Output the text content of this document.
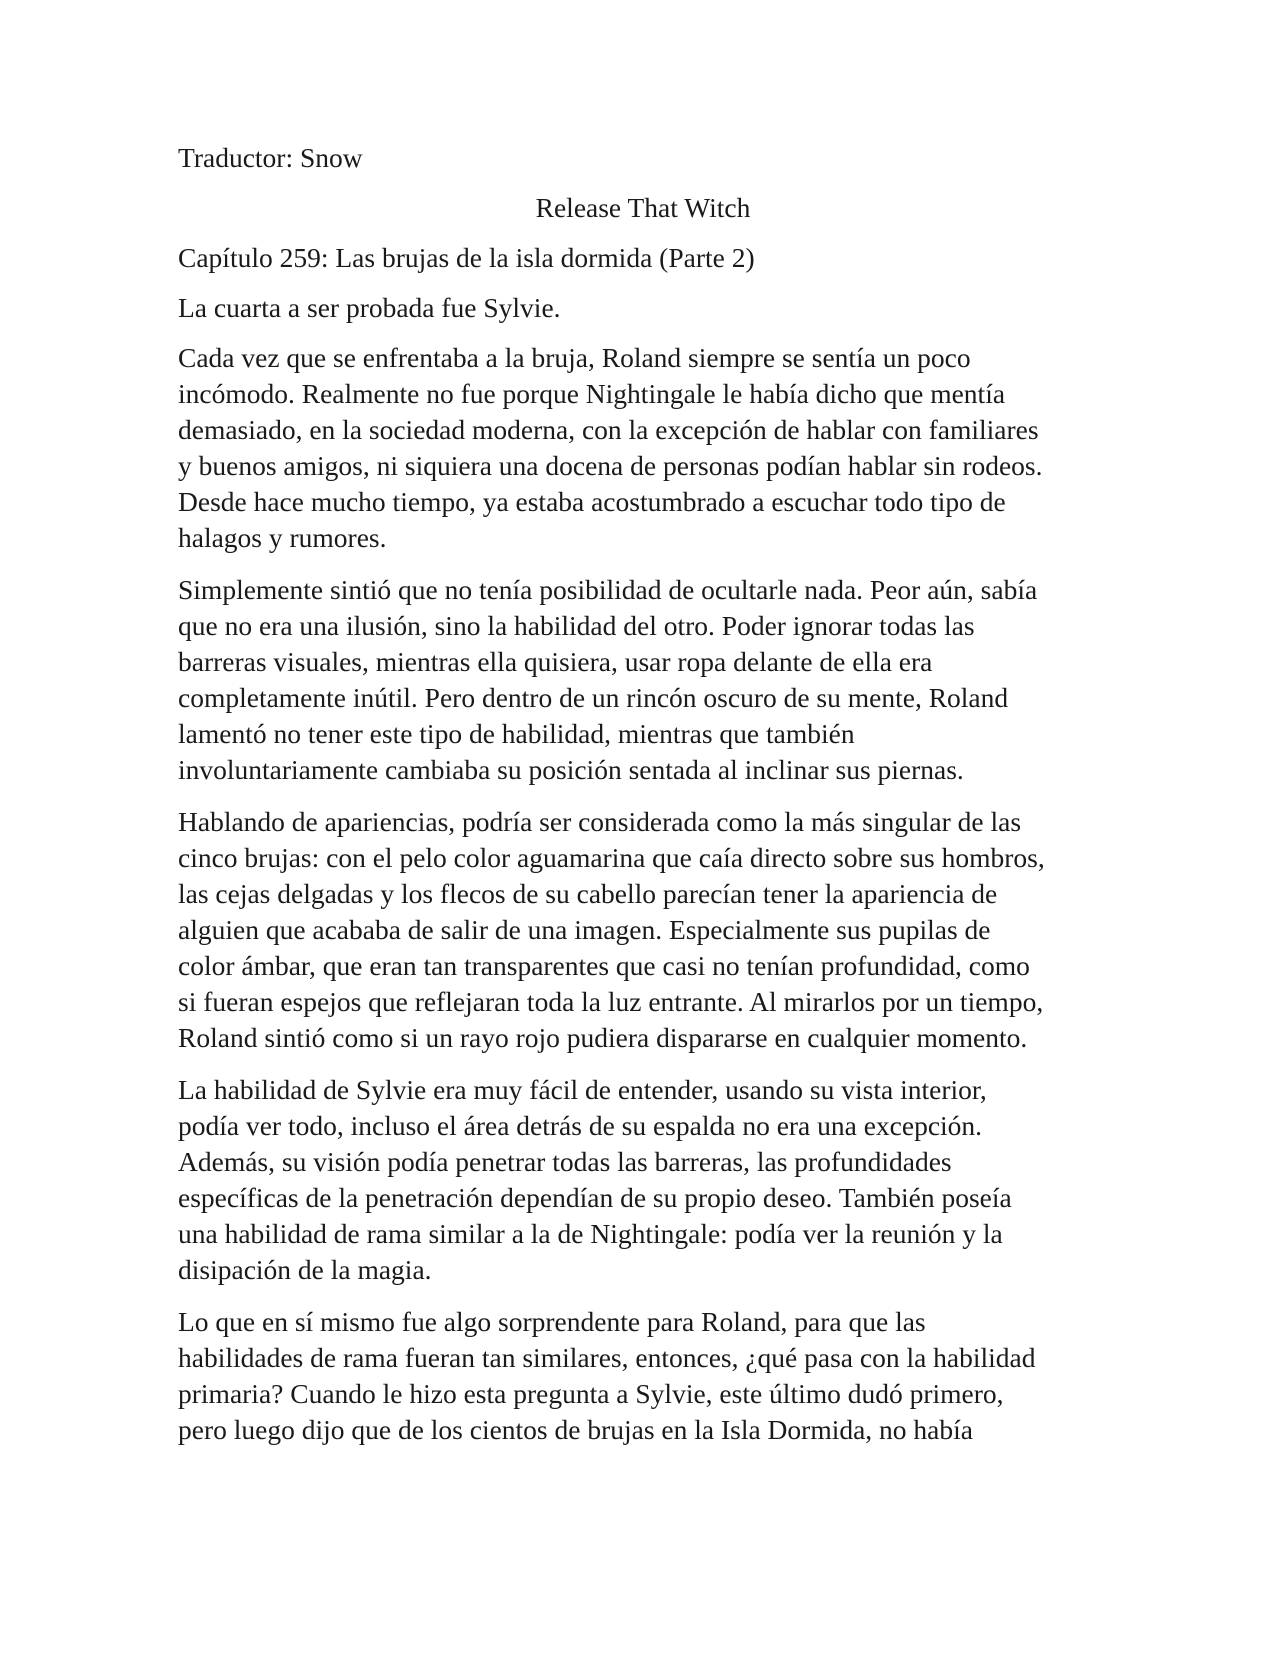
Traductor: Snow
Release That Witch
Capítulo 259: Las brujas de la isla dormida (Parte 2)
La cuarta a ser probada fue Sylvie.

Cada vez que se enfrentaba a la bruja, Roland siempre se sentía un poco
incómodo. Realmente no fue porque Nightingale le había dicho que mentía
demasiado, en la sociedad moderna, con la excepción de hablar con familiares
y buenos amigos, ni siquiera una docena de personas podían hablar sin rodeos.
Desde hace mucho tiempo, ya estaba acostumbrado a escuchar todo tipo de
halagos y rumores.

Simplemente sintió que no tenía posibilidad de ocultarle nada. Peor aún, sabía
que no era una ilusión, sino la habilidad del otro. Poder ignorar todas las
barreras visuales, mientras ella quisiera, usar ropa delante de ella era
completamente inútil. Pero dentro de un rincón oscuro de su mente, Roland
lamentó no tener este tipo de habilidad, mientras que también
involuntariamente cambiaba su posición sentada al inclinar sus piernas.

Hablando de apariencias, podría ser considerada como la más singular de las
cinco brujas: con el pelo color aguamarina que caía directo sobre sus hombros,
las cejas delgadas y los flecos de su cabello parecían tener la apariencia de
alguien que acababa de salir de una imagen. Especialmente sus pupilas de
color ámbar, que eran tan transparentes que casi no tenían profundidad, como
si fueran espejos que reflejaran toda la luz entrante. Al mirarlos por un tiempo,
Roland sintió como si un rayo rojo pudiera dispararse en cualquier momento.

La habilidad de Sylvie era muy fácil de entender, usando su vista interior,
podía ver todo, incluso el área detrás de su espalda no era una excepción.
Además, su visión podía penetrar todas las barreras, las profundidades
específicas de la penetración dependían de su propio deseo. También poseía
una habilidad de rama similar a la de Nightingale: podía ver la reunión y la
disipación de la magia.

Lo que en sí mismo fue algo sorprendente para Roland, para que las
habilidades de rama fueran tan similares, entonces, ¿qué pasa con la habilidad
primaria? Cuando le hizo esta pregunta a Sylvie, este último dudó primero,
pero luego dijo que de los cientos de brujas en la Isla Dormida, no había
